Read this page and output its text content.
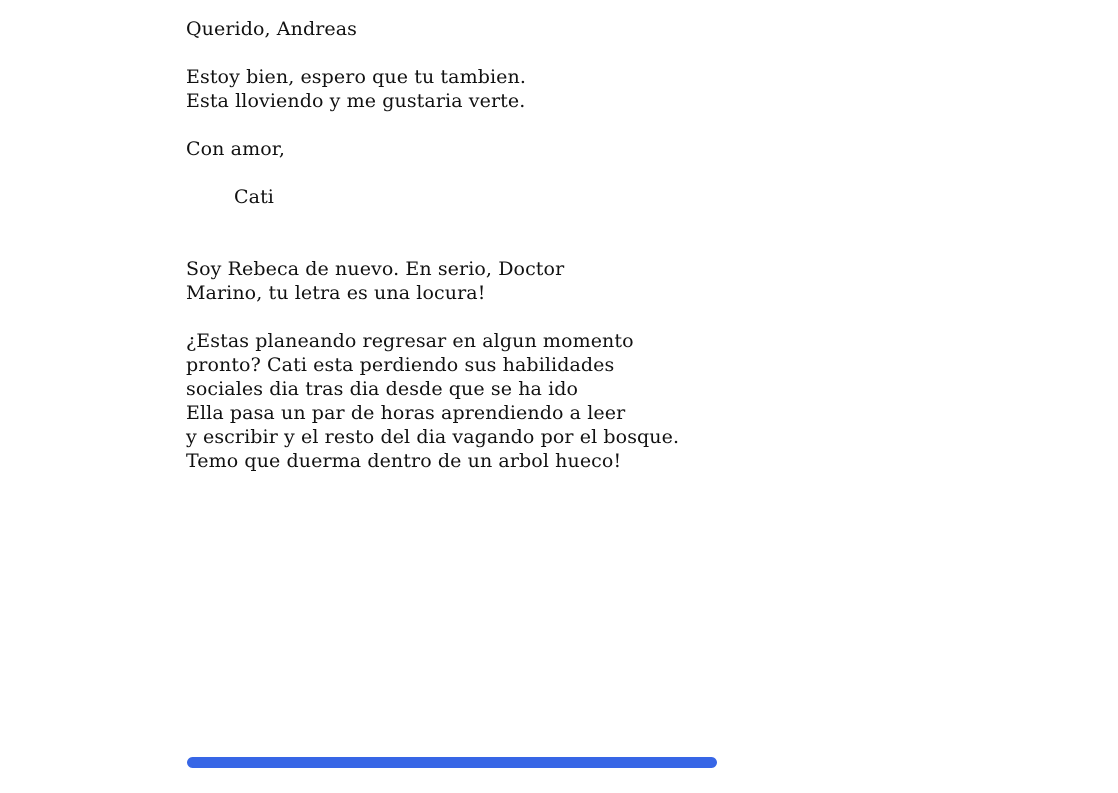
Querido, Andreas
Estoy bien, espero que tu tambien.
Esta lloviendo y me gustaria verte.
Con amor,
Cati
Soy Rebeca de nuevo. En serio, Doctor
Marino, tu letra es una locura!
¿Estas planeando regresar en algun momento
pronto? Cati esta perdiendo sus habilidades
sociales dia tras dia desde que se ha ido
Ella pasa un par de horas aprendiendo a leer
y escribir y el resto del dia vagando por el bosque.
Temo que duerma dentro de un arbol hueco!
